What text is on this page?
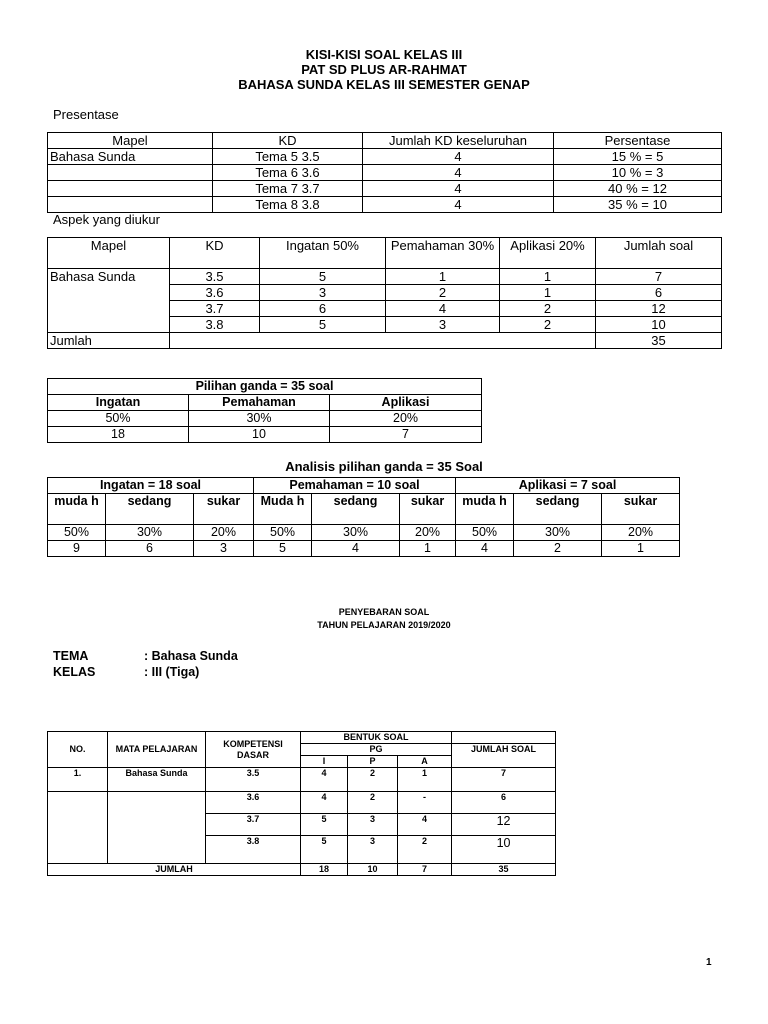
KISI-KISI SOAL KELAS III
PAT SD PLUS AR-RAHMAT
BAHASA SUNDA KELAS III SEMESTER GENAP
Presentase
Mapel	KD	Jumlah KD keseluruhan	Persentase
Bahasa Sunda	Tema 5 3.5	4	15 % = 5
	Tema 6 3.6	4	10 % = 3
	Tema 7 3.7	4	40 % = 12
	Tema 8 3.8	4	35 % = 10
Aspek yang diukur
Mapel	KD	Ingatan 50%	Pemahaman 30%	Aplikasi 20%	Jumlah soal
Bahasa Sunda	3.5	5	1	1	7
	3.6	3	2	1	6
	3.7	6	4	2	12
	3.8	5	3	2	10
Jumlah					35
Pilihan ganda = 35 soal		
Ingatan	Pemahaman	Aplikasi
50%	30%	20%
18	10	7
Analisis pilihan ganda = 35 Soal
Ingatan = 18 soal			Pemahaman = 10 soal			Aplikasi = 7 soal		
muda h	sedang	sukar	Muda h	sedang	sukar	muda h	sedang	sukar
50%	30%	20%	50%	30%	20%	50%	30%	20%
9	6	3	5	4	1	4	2	1
PENYEBARAN SOAL
TAHUN PELAJARAN 2019/2020
TEMA	: Bahasa Sunda
KELAS	: III (Tiga)
NO.	MATA PELAJARAN	KOMPETENSI DASAR	BENTUK SOAL			
			PG			JUMLAH SOAL
			I	P	A	
1.	Bahasa Sunda	3.5	4	2	1	7
		3.6	4	2	-	6
		3.7	5	3	4	12
		3.8	5	3	2	10
JUMLAH			18	10	7	35
1
